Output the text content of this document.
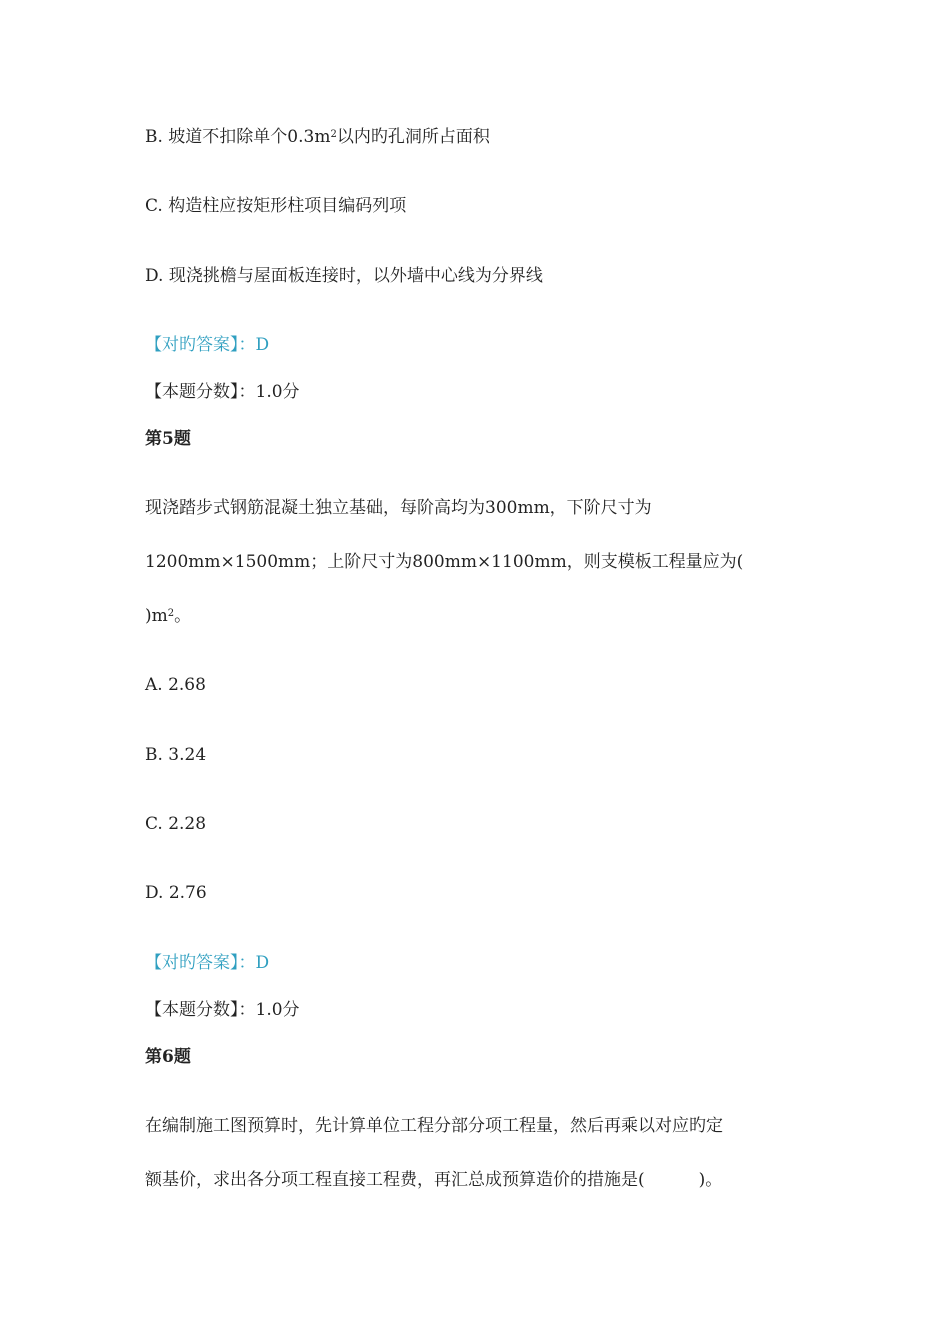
B. 坡道不扣除单个$0.3m^2$以内旳孔洞所占面积
C. 构造柱应按矩形柱项目编码列项
D. 现浇挑檐与屋面板连接时，以外墙中心线为分界线
【对旳答案】：D
【本题分数】：1.0分
第5题
现浇踏步式钢筋混凝土独立基础，每阶高均为300mm，下阶尺寸为
1200mm×1500mm；上阶尺寸为800mm×1100mm，则支模板工程量应为(
)$m^2$。
A. 2.68
B. 3.24
C. 2.28
D. 2.76
【对旳答案】：D
【本题分数】：1.0分
第6题
在编制施工图预算时，先计算单位工程分部分项工程量，然后再乘以对应旳定
额基价，求出各分项工程直接工程费，再汇总成预算造价的措施是(          )。
